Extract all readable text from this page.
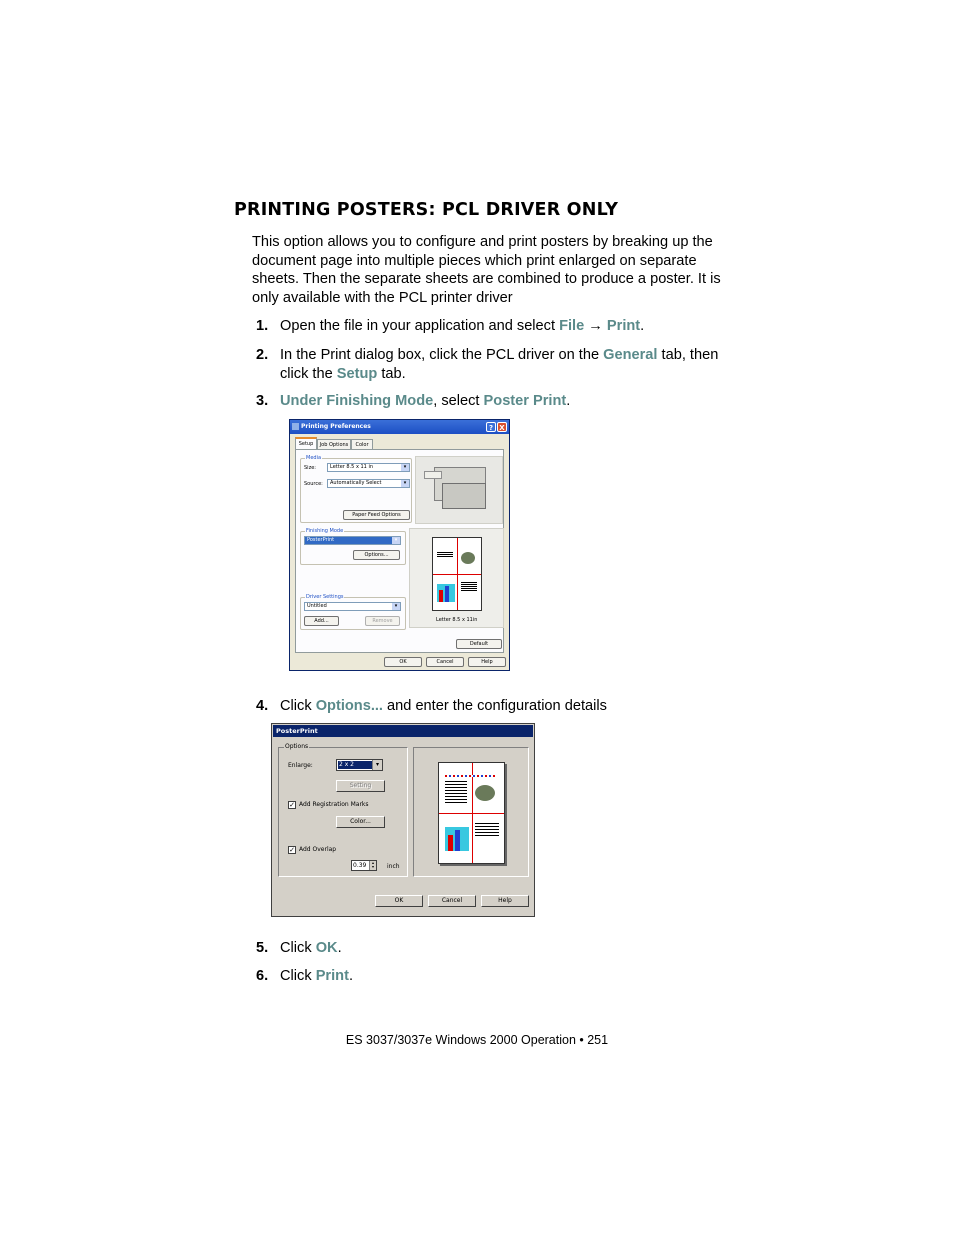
PRINTING POSTERS: PCL DRIVER ONLY

This option allows you to configure and print posters by breaking up the document page into multiple pieces which print enlarged on separate sheets. Then the separate sheets are combined to produce a poster. It is only available with the PCL printer driver

1. Open the file in your application and select File → Print.
2. In the Print dialog box, click the PCL driver on the General tab, then click the Setup tab.
3. Under Finishing Mode, select Poster Print.
Printing Preferences	? X
Setup	Job Options	Color
Media
Size:	Letter 8.5 x 11 in	▾
Source:	Automatically Select	▾
Paper Feed Options
Finishing Mode
PosterPrint	▾
Options...
Letter 8.5 x 11in
Driver Settings
Untitled	▾
Add...	Remove
Default
OK	Cancel	Help
4. Click Options... and enter the configuration details
PosterPrint
Options
Enlarge:	2 x 2	▾
Setting
✓ Add Registration Marks
Color...
✓ Add Overlap
0.39	▴
▾	inch
OK	Cancel	Help
5. Click OK.
6. Click Print.
ES 3037/3037e Windows 2000 Operation • 251
